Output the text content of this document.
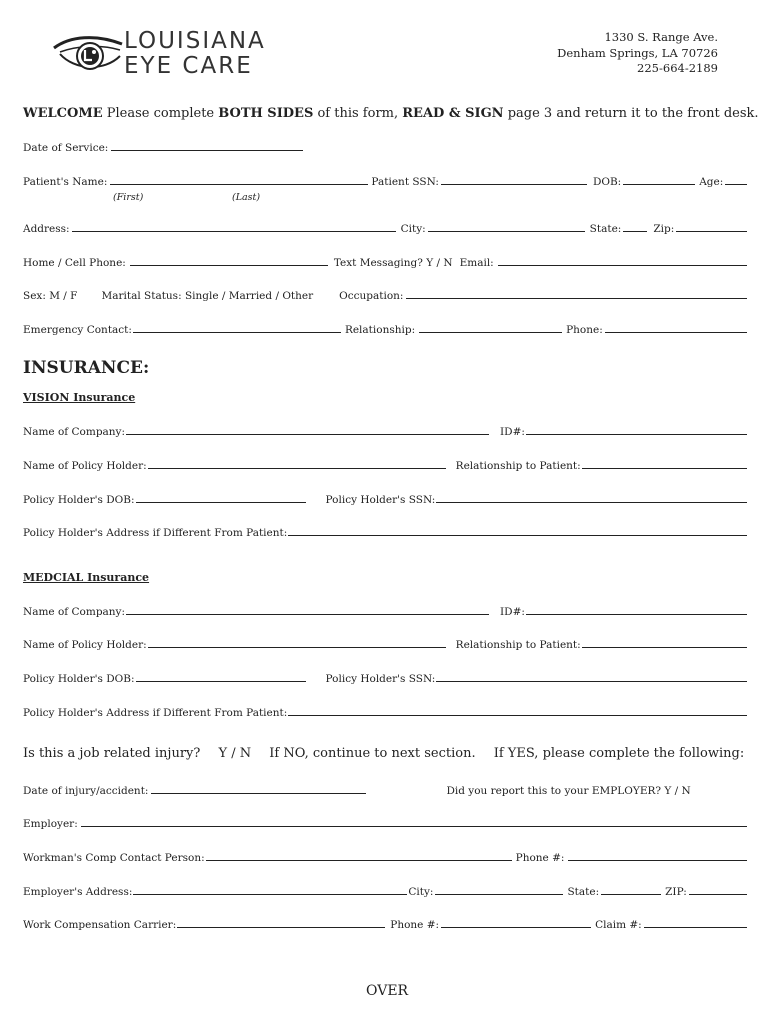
LOUISIANA
EYE CARE
1330 S. Range Ave.
Denham Springs, LA 70726
225-664-2189
WELCOME Please complete BOTH SIDES of this form, READ & SIGN page 3 and return it to the front desk.
Date of Service:
Patient's Name:	Patient SSN:	DOB:	Age:
(First)	(Last)
Address:	City:	State:	Zip:
Home / Cell Phone:	Text Messaging? Y / N Email:
Sex: M / F Marital Status: Single / Married / Other Occupation:
Emergency Contact:	Relationship:	Phone:
INSURANCE:
VISION Insurance
Name of Company:	ID#:
Name of Policy Holder:	Relationship to Patient:
Policy Holder's DOB:	Policy Holder's SSN:
Policy Holder's Address if Different From Patient:
MEDCIAL Insurance
Name of Company:	ID#:
Name of Policy Holder:	Relationship to Patient:
Policy Holder's DOB:	Policy Holder's SSN:
Policy Holder's Address if Different From Patient:
Is this a job related injury? Y / N If NO, continue to next section. If YES, please complete the following:
Date of injury/accident:	Did you report this to your EMPLOYER? Y / N
Employer:
Workman's Comp Contact Person:	Phone #:
Employer's Address:	City:	State:	ZIP:
Work Compensation Carrier:	Phone #:	Claim #:
OVER
